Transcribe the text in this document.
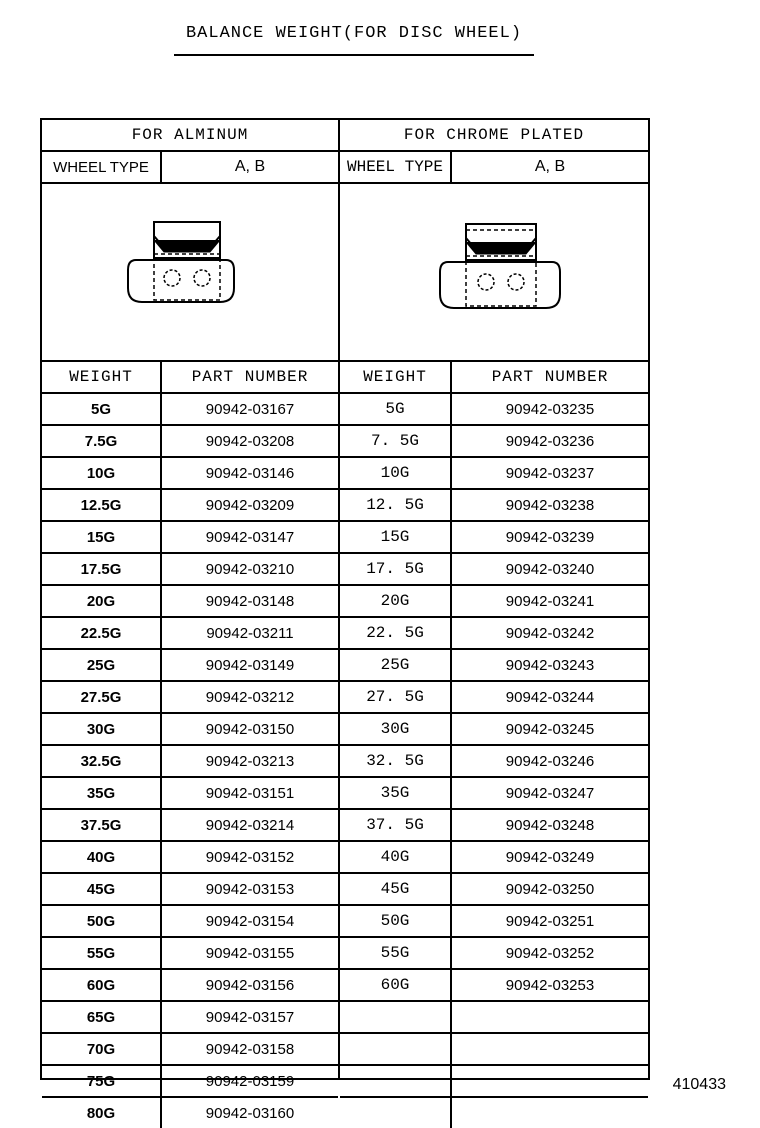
BALANCE WEIGHT(FOR DISC WHEEL)
FOR ALMINUM
WHEEL TYPE	A, B
WEIGHT	PART NUMBER
5G	90942-03167
7.5G	90942-03208
10G	90942-03146
12.5G	90942-03209
15G	90942-03147
17.5G	90942-03210
20G	90942-03148
22.5G	90942-03211
25G	90942-03149
27.5G	90942-03212
30G	90942-03150
32.5G	90942-03213
35G	90942-03151
37.5G	90942-03214
40G	90942-03152
45G	90942-03153
50G	90942-03154
55G	90942-03155
60G	90942-03156
65G	90942-03157
70G	90942-03158
75G	90942-03159
80G	90942-03160
FOR CHROME PLATED
WHEEL TYPE	A, B
WEIGHT	PART NUMBER
5G	90942-03235
7. 5G	90942-03236
10G	90942-03237
12. 5G	90942-03238
15G	90942-03239
17. 5G	90942-03240
20G	90942-03241
22. 5G	90942-03242
25G	90942-03243
27. 5G	90942-03244
30G	90942-03245
32. 5G	90942-03246
35G	90942-03247
37. 5G	90942-03248
40G	90942-03249
45G	90942-03250
50G	90942-03251
55G	90942-03252
60G	90942-03253
410433
